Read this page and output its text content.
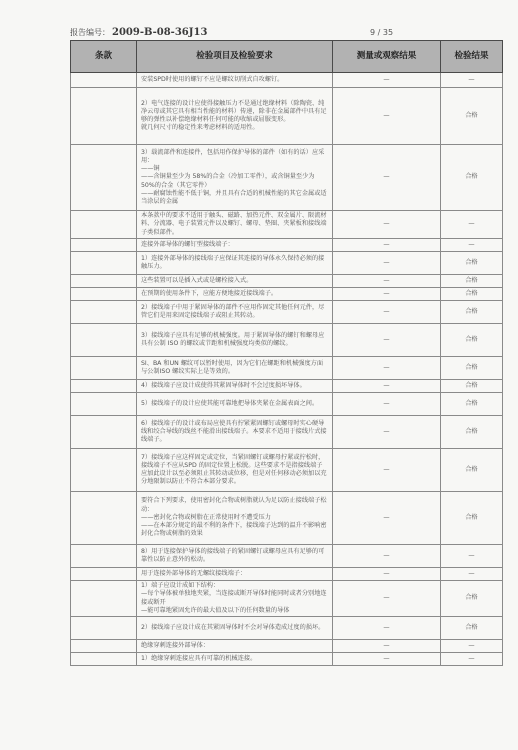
报告编号： 2009-B-08-36J13	9 / 35
条款	检验项目及检验要求	测量或观察结果	检验结果
	安装SPD时使用的螺钉不应是螺纹切削式自攻螺钉。	—	—
	2）电气连接的设计应使得接触压力不是通过绝缘材料（除陶瓷、纯净云母或其它具有相当性能的材料）传递，除非在金属部件中具有足够的弹性以补偿绝缘材料任何可能的收缩或屈服变形。
就几何尺寸的稳定性来考虑材料的适用性。	—	合格
	3）载流部件和连接件，包括用作保护导体的部件（如有的话）应采用：
——铜
——含铜量至少为 58%的合金（冷加工零件），或含铜量至少为 50%的合金（其它零件）
——耐腐蚀性能不低于铜，并且具有合适的机械性能的其它金属或适当涂层的金属	—	合格
	本条款中的要求不适用于触头、磁路、加热元件、双金属片、限流材料、分流器、电子装置元件以及螺钉、螺母、垫圈、夹紧板和接线端子类似部件。	—	—
	连接外部导体的螺钉型接线端子：	—	—
	1）连接外部导体的接线端子应保证其连接的导体永久保持必须的接触压力。	—	合格
	这些装置可以是插入式或是螺栓接入式。	—	合格
	在预期的使用条件下，应能方便地接近接线端子。	—	合格
	2）接线端子中用于紧固导体的部件不应用作固定其他任何元件，尽管它们是用来固定接线端子或阻止其转动。	—	合格
	3）接线端子应具有足够的机械强度。用于紧固导体的螺钉和螺母应具有公制 ISO 的螺纹或节距和机械强度均类似的螺纹。	—	合格
	SI、BA 和UN 螺纹可以暂时使用，因为它们在螺距和机械强度方面与公制ISO 螺纹实际上是等效的。	—	合格
	4）接线端子应设计成使得其紧固导体时不会过度损坏导体。	—	合格
	5）接线端子的设计应使其能可靠地把导体夹紧在金属表面之间。	—	合格
	6）接线端子的设计或布局应使具有拧紧紧固螺钉或螺母时实心硬导线和绞合导线的线丝不能滑出接线端子。本要求不适用于接线片式接线端子。	—	合格
	7）接线端子应这样固定或定位，当紧固螺钉或螺母拧紧或拧松时，接线端子不应从SPD 的固定位置上松脱。这些要求不是指接线端子应加此设计以至必须阻止其转动或位移，但是对任何移动必须加以充分地限制以防止不符合本部分要求。	—	合格
	要符合下列要求，使用密封化合物或树脂就认为足以防止接线端子松动：
——密封化合物或树脂在正常使用时不遭受压力
——在本部分规定的最不利的条件下，接线端子达到的温升不影响密封化合物或树脂的效果	—	合格
	8）用于连接保护导体的接线端子的紧固螺钉或螺母应具有足够的可靠性以防止意外的松动。	—	—
	用于连接外部导体的无螺纹接线端子：	—	—
	1）端子应设计成如下结构：
—每个导体被单独地夹紧，当连接或断开导体时能同时或者分别地连接或断开
—能可靠地紧固允许的最大值及以下的任何数量的导体	—	合格
	2）接线端子应设计成在其紧固导体时不会对导体造成过度的损坏。	—	合格
	绝缘穿刺连接外部导体：	—	—
	1）绝缘穿刺连接应具有可靠的机械连接。	—	—
